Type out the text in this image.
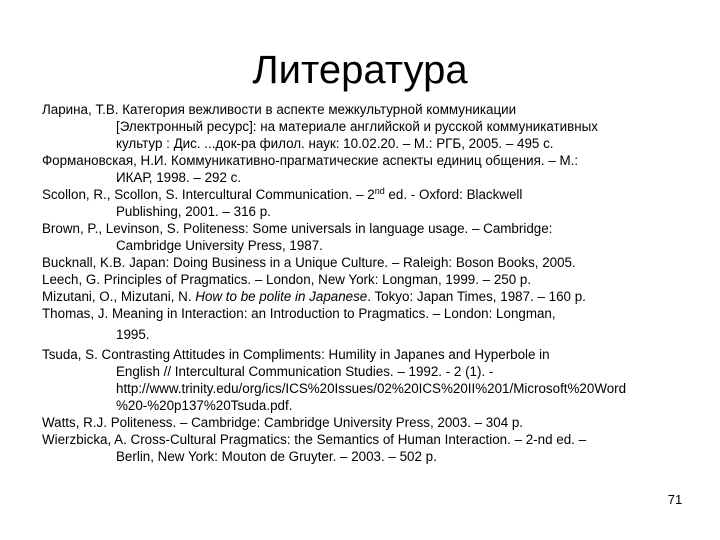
Литература

Ларина, Т.В. Категория вежливости в аспекте межкультурной коммуникации
[Электронный ресурс]: на материале английской и русской коммуникативных
культур : Дис. ...док-ра филол. наук: 10.02.20. – М.: РГБ, 2005. – 495 с.

Формановская, Н.И. Коммуникативно-прагматические аспекты единиц общения. – М.:
ИКАР, 1998. – 292 с.

Scollon, R., Scollon, S. Intercultural Communication. – 2nd ed. - Oxford: Blackwell
Publishing, 2001. – 316 p.

Brown, P., Levinson, S. Politeness: Some universals in language usage. – Cambridge:
Cambridge University Press, 1987.

Bucknall, K.B. Japan: Doing Business in a Unique Culture. – Raleigh: Boson Books, 2005.

Leech, G. Principles of Pragmatics. – London, New York: Longman, 1999. – 250 p.

Mizutani, O., Mizutani, N. How to be polite in Japanese. Tokyo: Japan Times, 1987. – 160 p.

Thomas, J. Meaning in Interaction: an Introduction to Pragmatics. – London: Longman,
1995.

Tsuda, S. Contrasting Attitudes in Compliments: Humility in Japanes and Hyperbole in
English // Intercultural Communication Studies. – 1992. - 2 (1). -
http://www.trinity.edu/org/ics/ICS%20Issues/02%20ICS%20II%201/Microsoft%20Word
%20-%20p137%20Tsuda.pdf.

Watts, R.J. Politeness. – Cambridge: Cambridge University Press, 2003. – 304 p.

Wierzbicka, A. Cross-Cultural Pragmatics: the Semantics of Human Interaction. – 2-nd ed. –
Berlin, New York: Mouton de Gruyter. – 2003. – 502 p.

71
